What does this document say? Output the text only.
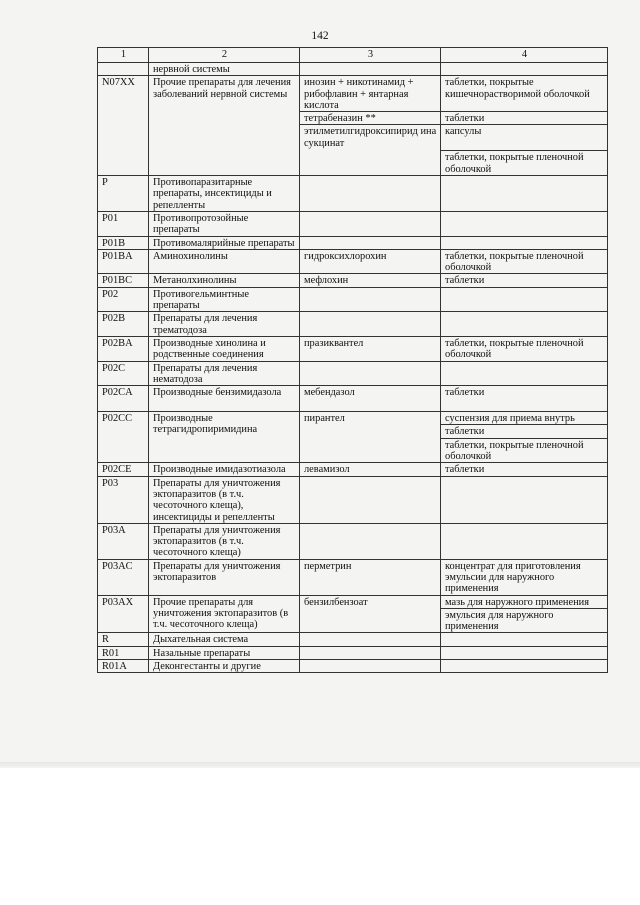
142
1	2	3	4
	нервной системы		
N07XX	Прочие препараты для лечения заболеваний нервной системы	инозин + никотинамид + рибофлавин + янтарная кислота	таблетки, покрытые кишечнорастворимой оболочкой
		тетрабеназин **	таблетки
		этилметилгидроксипирид ина сукцинат	капсулы
			таблетки, покрытые пленочной оболочкой
P	Противопаразитарные препараты, инсектициды и репелленты		
P01	Противопротозойные препараты		
P01B	Противомалярийные препараты		
P01BA	Аминохинолины	гидроксихлорохин	таблетки, покрытые пленочной оболочкой
P01BC	Метанолхинолины	мефлохин	таблетки
P02	Противогельминтные препараты		
P02B	Препараты для лечения трематодоза		
P02BA	Производные хинолина и родственные соединения	празиквантел	таблетки, покрытые пленочной оболочкой
P02C	Препараты для лечения нематодоза		
P02CA	Производные бензимидазола	мебендазол	таблетки
P02CC	Производные тетрагидропиримидина	пирантел	суспензия для приема внутрь
			таблетки
			таблетки, покрытые пленочной оболочкой
P02CE	Производные имидазотиазола	левамизол	таблетки
P03	Препараты для уничтожения эктопаразитов (в т.ч. чесоточного клеща), инсектициды и репелленты		
P03A	Препараты для уничтожения эктопаразитов (в т.ч. чесоточного клеща)		
P03AC	Препараты для уничтожения эктопаразитов	перметрин	концентрат для приготовления эмульсии для наружного применения
P03AX	Прочие препараты для уничтожения эктопаразитов (в т.ч. чесоточного клеща)	бензилбензоат	мазь для наружного применения
			эмульсия для наружного применения
R	Дыхательная система		
R01	Назальные препараты		
R01A	Деконгестанты и другие		
